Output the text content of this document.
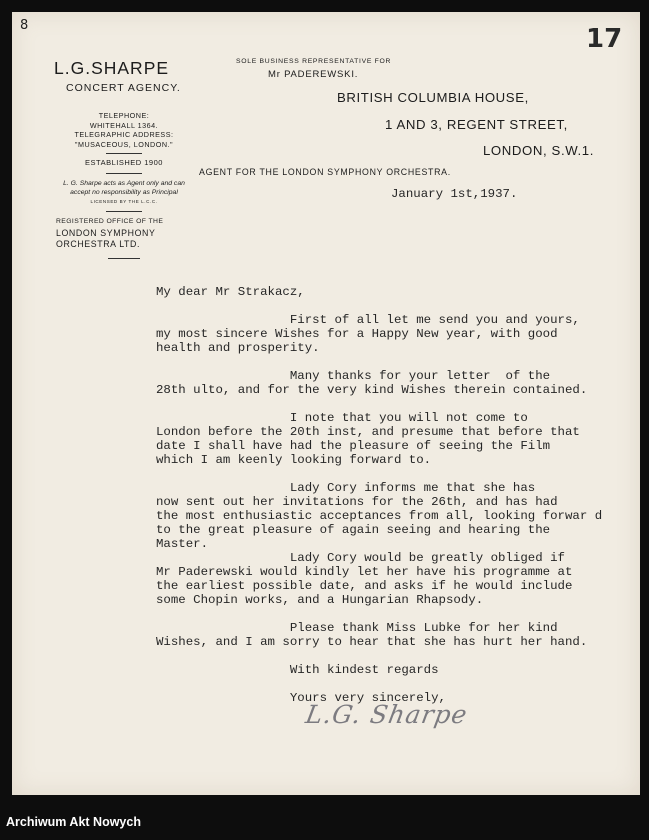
8	17
L.G.SHARPE
CONCERT AGENCY.
TELEPHONE:
WHITEHALL 1364.
TELEGRAPHIC ADDRESS:
"MUSACEOUS, LONDON."
ESTABLISHED 1900
L. G. Sharpe acts as Agent only and can accept no responsibility as Principal
LICENSED BY THE L.C.C.
REGISTERED OFFICE OF THE
LONDON SYMPHONY
ORCHESTRA LTD.
SOLE BUSINESS REPRESENTATIVE FOR
Mr PADEREWSKI.
BRITISH COLUMBIA HOUSE,
1 AND 3, REGENT STREET,
LONDON, S.W.1.
AGENT FOR THE LONDON SYMPHONY ORCHESTRA.
January 1st,1937.
My dear Mr Strakacz,

First of all let me send you and yours,
my most sincere Wishes for a Happy New year, with good
health and prosperity.

Many thanks for your letter  of the
28th ulto, and for the very kind Wishes therein contained.

I note that you will not come to
London before the 20th inst, and presume that before that
date I shall have had the pleasure of seeing the Film
which I am keenly looking forward to.

Lady Cory informs me that she has
now sent out her invitations for the 26th, and has had
the most enthusiastic acceptances from all, looking forwar d
to the great pleasure of again seeing and hearing the
Master.
Lady Cory would be greatly obliged if
Mr Paderewski would kindly let her have his programme at
the earliest possible date, and asks if he would include
some Chopin works, and a Hungarian Rhapsody.

Please thank Miss Lubke for her kind
Wishes, and I am sorry to hear that she has hurt her hand.

With kindest regards

Yours very sincerely,
L.G. Sharpe
Archiwum Akt Nowych
